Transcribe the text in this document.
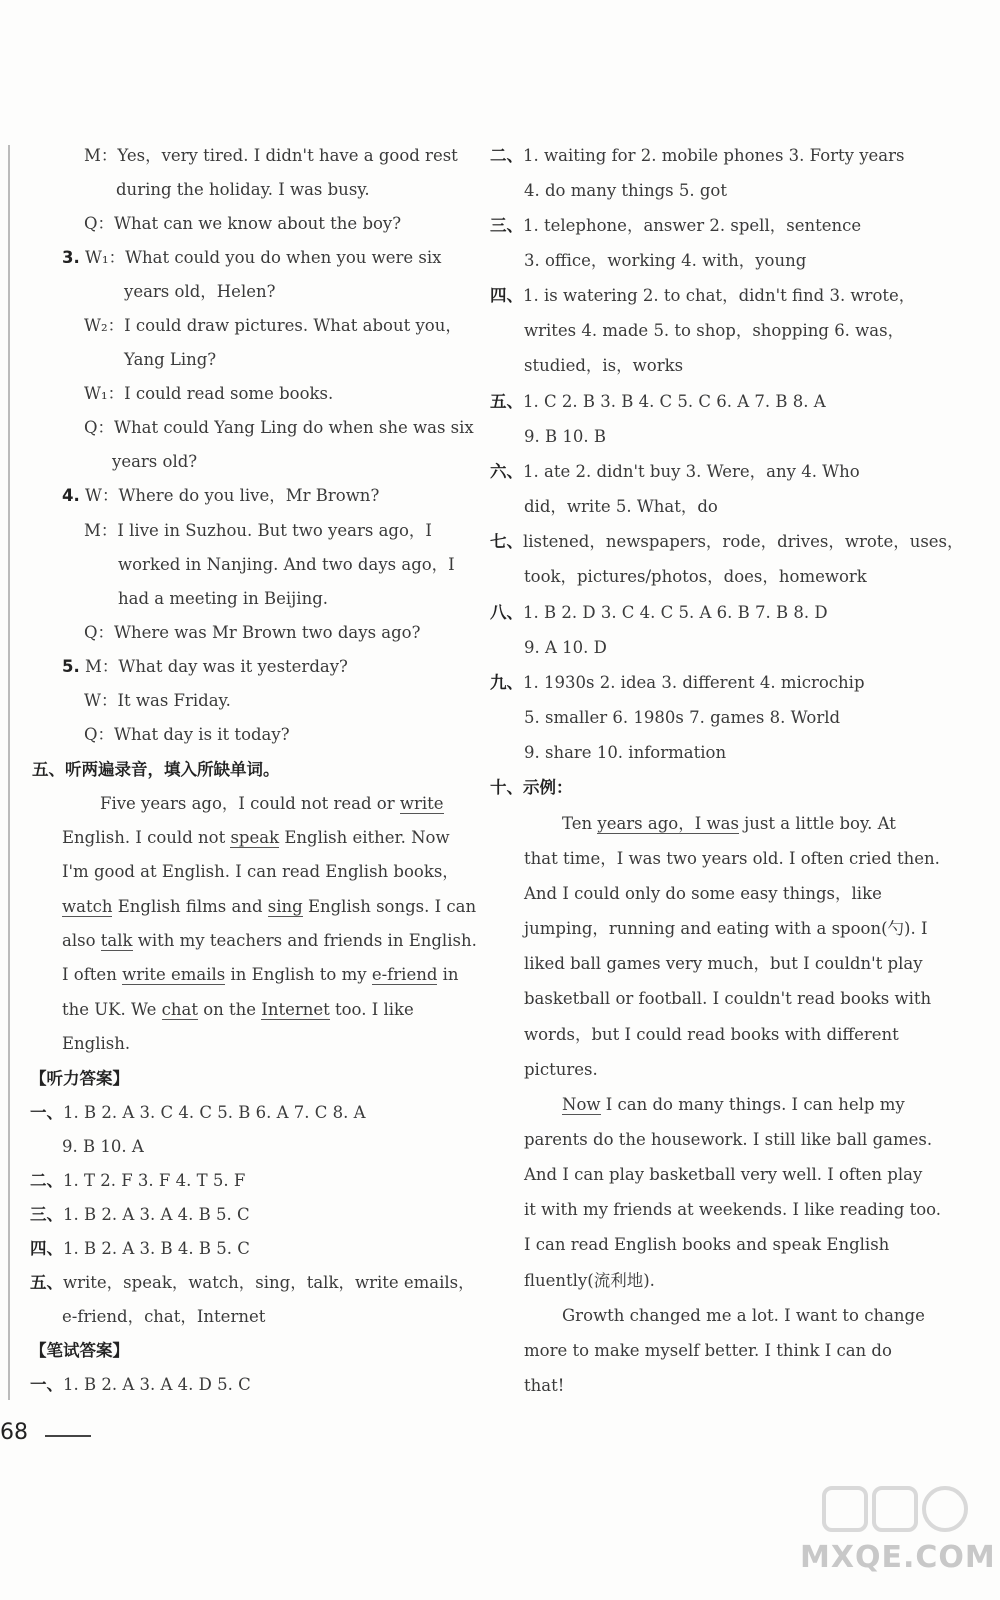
M：Yes，very tired. I didn't have a good rest
during the holiday. I was busy.
Q：What can we know about the boy?
3. W₁：What could you do when you were six
years old，Helen?
W₂：I could draw pictures. What about you，
Yang Ling?
W₁：I could read some books.
Q：What could Yang Ling do when she was six
years old?
4. W：Where do you live，Mr Brown?
M：I live in Suzhou. But two years ago，I
worked in Nanjing. And two days ago，I
had a meeting in Beijing.
Q：Where was Mr Brown two days ago?
5. M：What day was it yesterday?
W：It was Friday.
Q：What day is it today?
五、听两遍录音，填入所缺单词。
Five years ago，I could not read or write
English. I could not speak English either. Now
I'm good at English. I can read English books，
watch English films and sing English songs. I can
also talk with my teachers and friends in English.
I often write emails in English to my e-friend in
the UK. We chat on the Internet too. I like
English.
【听力答案】
一、1. B 2. A 3. C 4. C 5. B 6. A 7. C 8. A
9. B 10. A
二、1. T 2. F 3. F 4. T 5. F
三、1. B 2. A 3. A 4. B 5. C
四、1. B 2. A 3. B 4. B 5. C
五、write，speak，watch，sing，talk，write emails，
e-friend，chat，Internet
【笔试答案】
一、1. B 2. A 3. A 4. D 5. C
二、1. waiting for 2. mobile phones 3. Forty years
4. do many things 5. got
三、1. telephone，answer 2. spell，sentence
3. office，working 4. with，young
四、1. is watering 2. to chat，didn't find 3. wrote，
writes 4. made 5. to shop，shopping 6. was，
studied，is，works
五、1. C 2. B 3. B 4. C 5. C 6. A 7. B 8. A
9. B 10. B
六、1. ate 2. didn't buy 3. Were，any 4. Who
did，write 5. What，do
七、listened，newspapers，rode，drives，wrote，uses，
took，pictures/photos，does，homework
八、1. B 2. D 3. C 4. C 5. A 6. B 7. B 8. D
9. A 10. D
九、1. 1930s 2. idea 3. different 4. microchip
5. smaller 6. 1980s 7. games 8. World
9. share 10. information
十、示例：
Ten years ago，I was just a little boy. At
that time，I was two years old. I often cried then.
And I could only do some easy things，like
jumping，running and eating with a spoon(勺). I
liked ball games very much，but I couldn't play
basketball or football. I couldn't read books with
words，but I could read books with different
pictures.
Now I can do many things. I can help my
parents do the housework. I still like ball games.
And I can play basketball very well. I often play
it with my friends at weekends. I like reading too.
I can read English books and speak English
fluently(流利地).
Growth changed me a lot. I want to change
more to make myself better. I think I can do
that!
68
MXQE.COM
